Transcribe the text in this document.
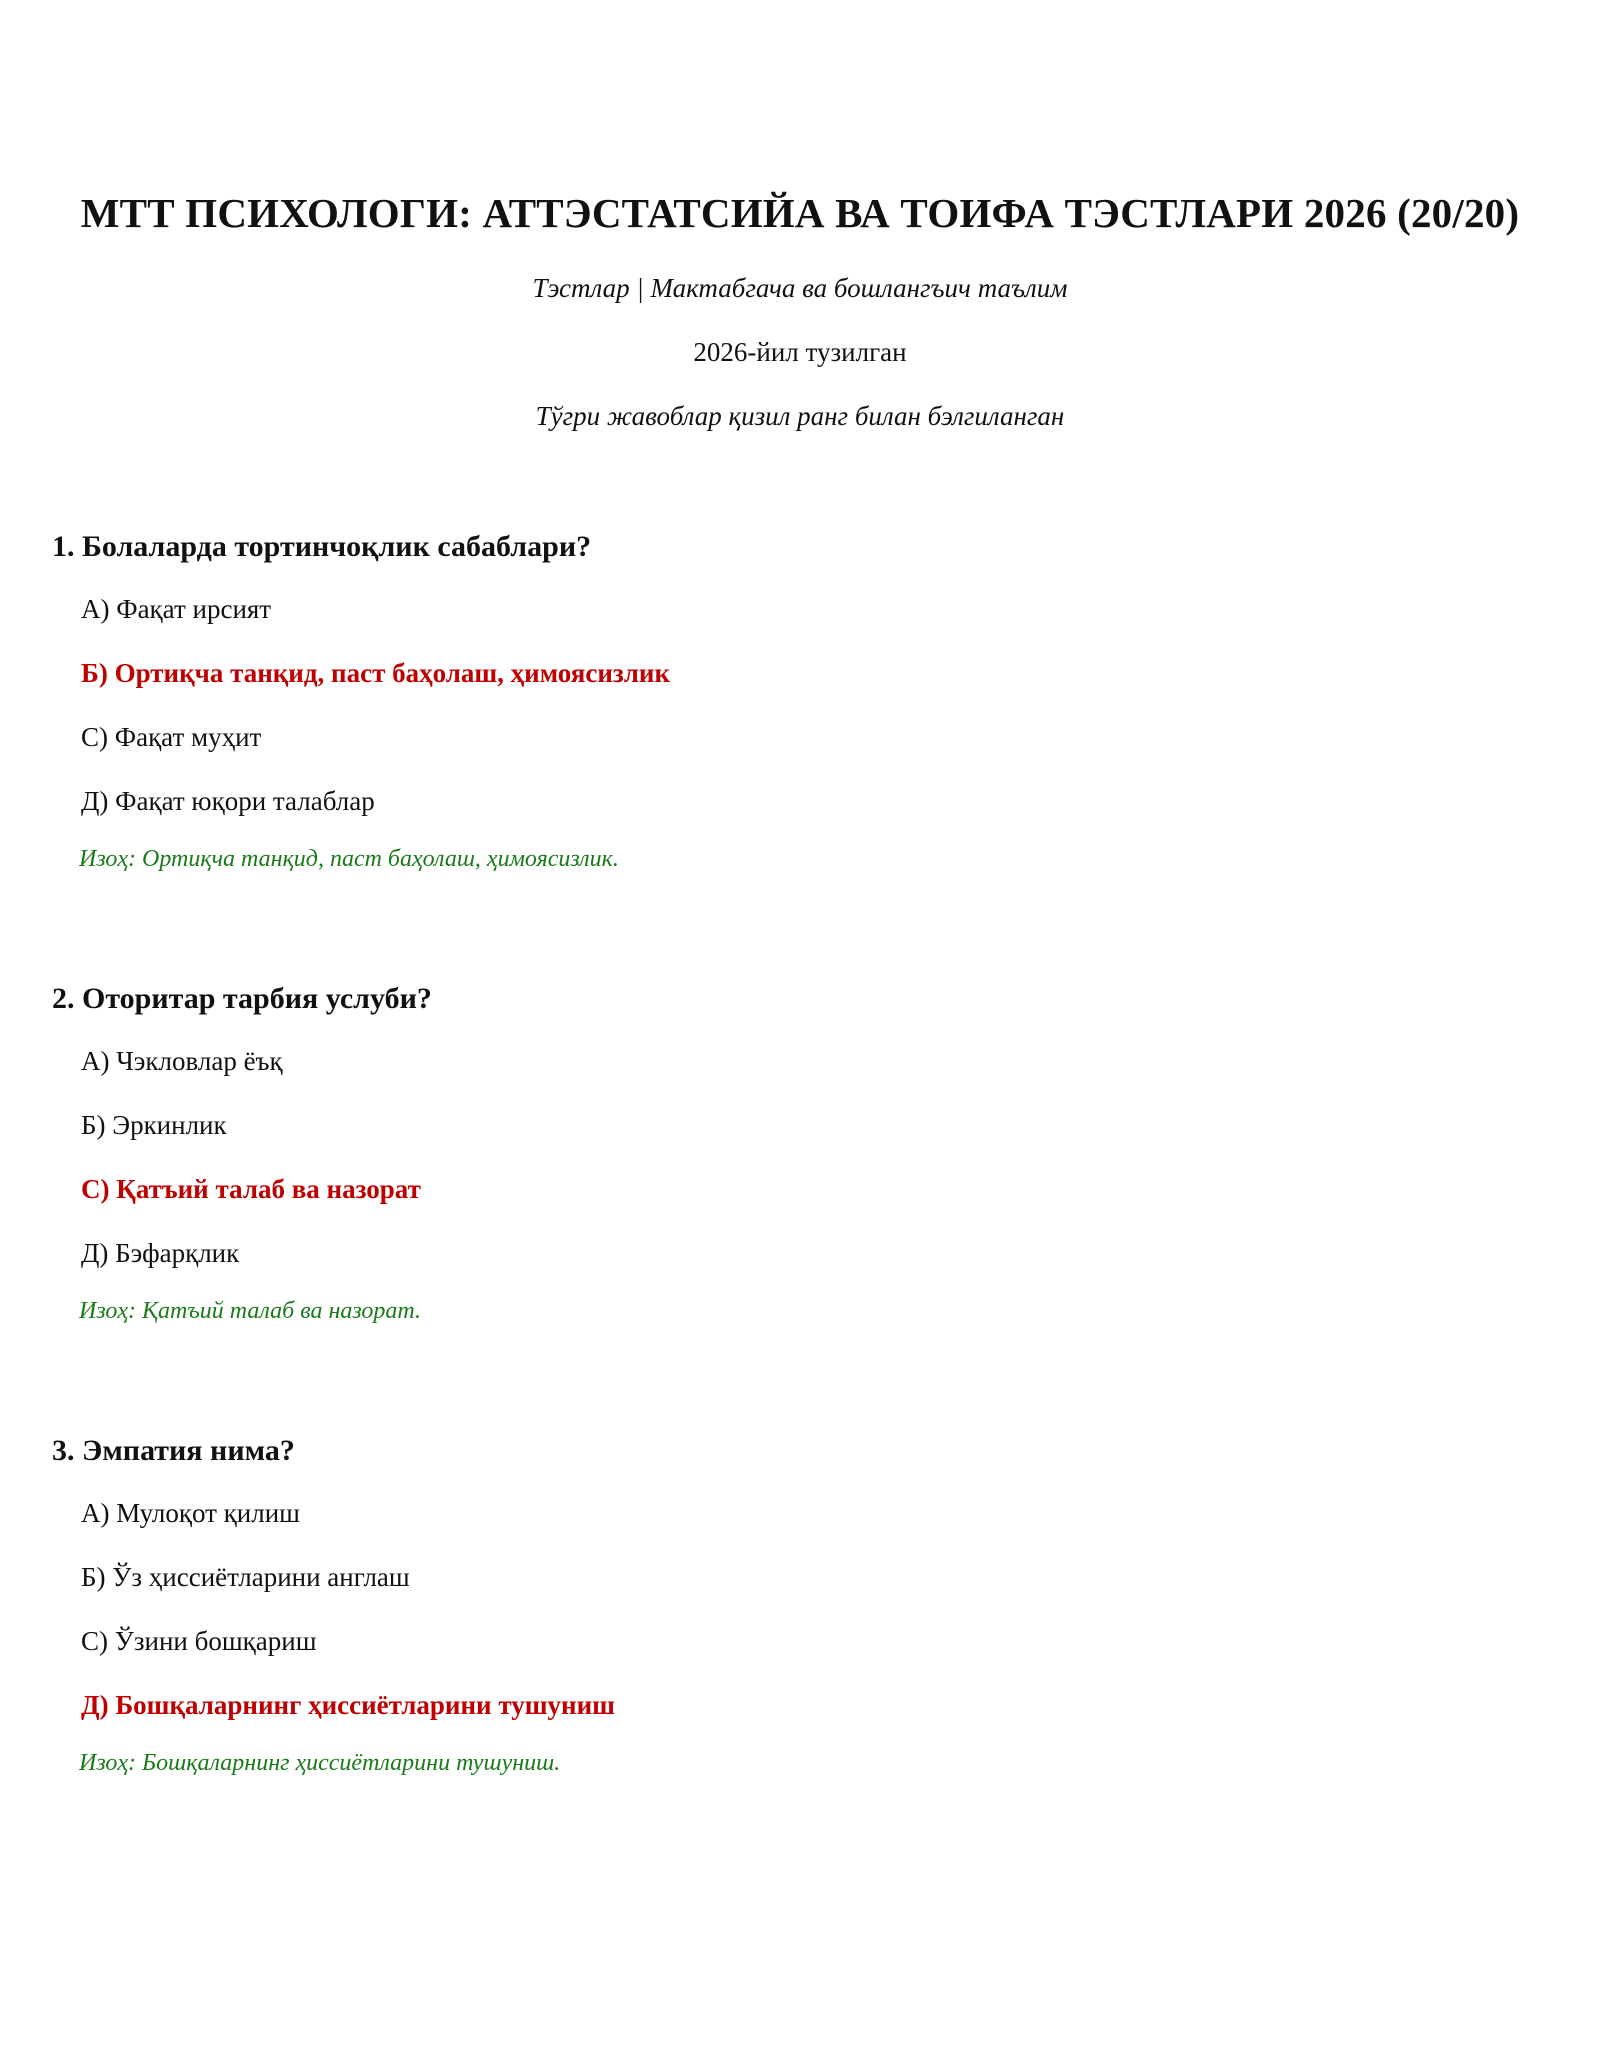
МТТ ПСИХОЛОГИ: АТТЭСТАТСИЙА ВА ТОИФА ТЭСТЛАРИ 2026 (20/20)
Тэстлар | Мактабгача ва бошлангъич таълим
2026-йил тузилган
Тўгри жавоблар қизил ранг билан бэлгиланган
1. Болаларда тортинчоқлик сабаблари?
А) Фақат ирсият
Б) Ортиқча танқид, паст баҳолаш, ҳимоясизлик
С) Фақат муҳит
Д) Фақат юқори талаблар
Изоҳ: Ортиқча танқид, паст баҳолаш, ҳимоясизлик.
2. Оторитар тарбия услуби?
А) Чэкловлар ёъқ
Б) Эркинлик
С) Қатъий талаб ва назорат
Д) Бэфарқлик
Изоҳ: Қатъий талаб ва назорат.
3. Эмпатия нима?
А) Мулоқот қилиш
Б) Ўз ҳиссиётларини англаш
С) Ўзини бошқариш
Д) Бошқаларнинг ҳиссиётларини тушуниш
Изоҳ: Бошқаларнинг ҳиссиётларини тушуниш.
